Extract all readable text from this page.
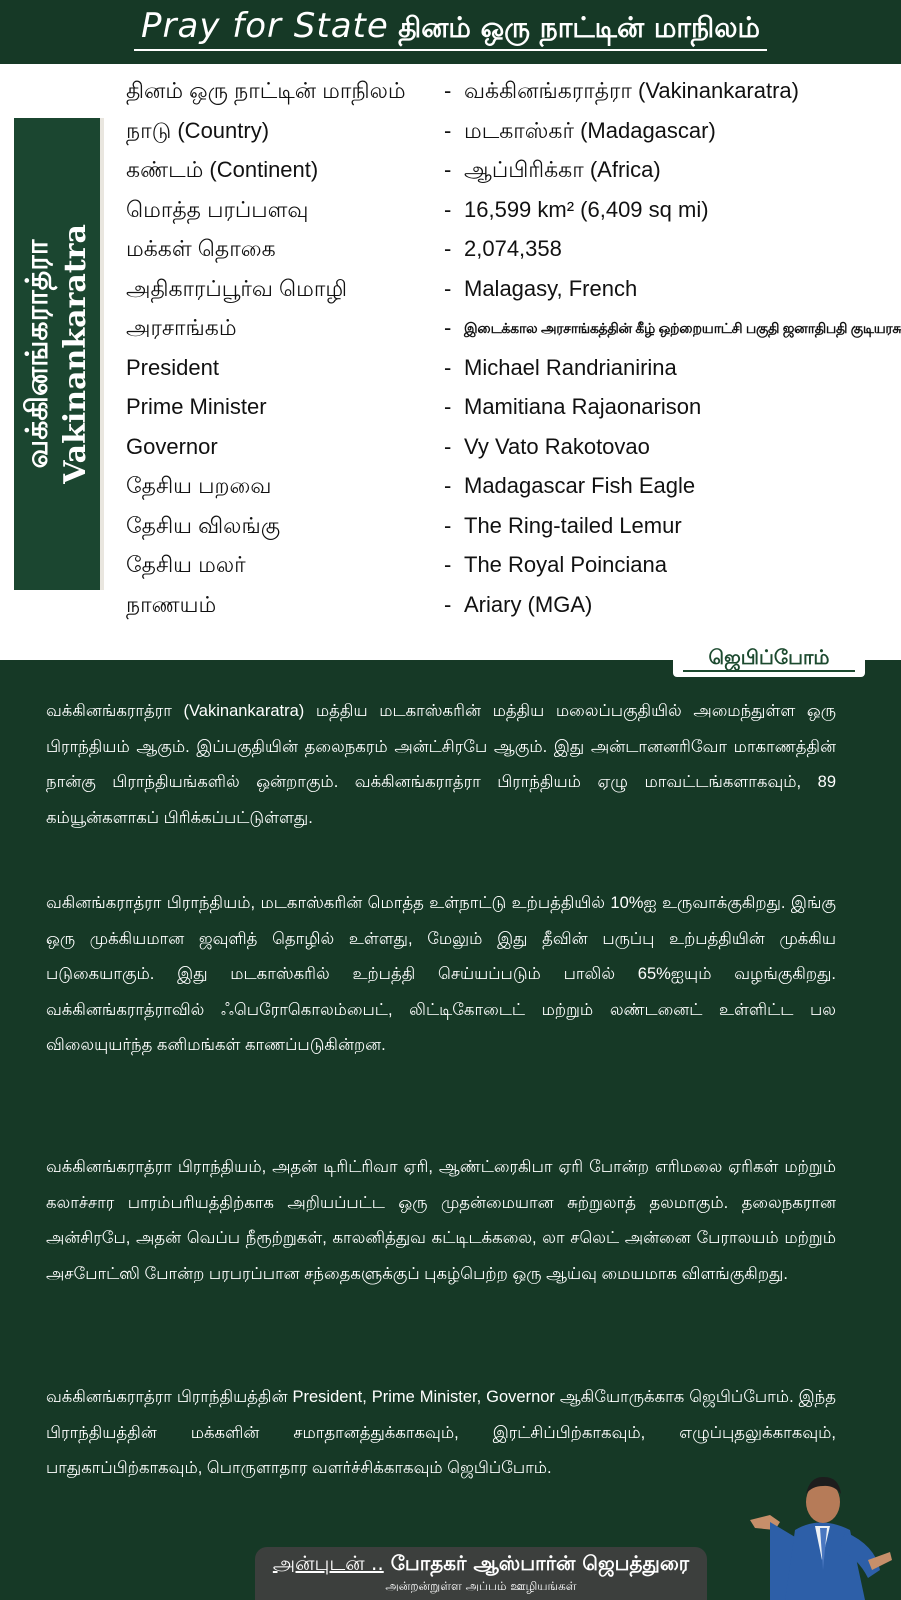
Pray for State தினம் ஒரு நாட்டின் மாநிலம்
வக்கினங்கராத்ரா Vakinankaratra
தினம் ஒரு நாட்டின் மாநிலம் - வக்கினங்கராத்ரா (Vakinankaratra)
நாடு (Country)	- மடகாஸ்கர் (Madagascar)
கண்டம் (Continent)	- ஆப்பிரிக்கா (Africa)
மொத்த பரப்பளவு	- 16,599 km² (6,409 sq mi)
மக்கள் தொகை	- 2,074,358
அதிகாரப்பூர்வ மொழி	- Malagasy, French
அரசாங்கம்	- இடைக்கால அரசாங்கத்தின் கீழ் ஒற்றையாட்சி பகுதி ஜனாதிபதி குடியரசு
President	- Michael Randrianirina
Prime Minister	- Mamitiana Rajaonarison
Governor	- Vy Vato Rakotovao
தேசிய பறவை	- Madagascar Fish Eagle
தேசிய விலங்கு	- The Ring-tailed Lemur
தேசிய மலர்	- The Royal Poinciana
நாணயம்	- Ariary (MGA)
ஜெபிப்போம்

வக்கினங்கராத்ரா (Vakinankaratra) மத்திய மடகாஸ்கரின் மத்திய மலைப்பகுதியில் அமைந்துள்ள ஒரு பிராந்தியம் ஆகும். இப்பகுதியின் தலைநகரம் அன்ட்சிரபே ஆகும். இது அன்டானனரிவோ மாகாணத்தின் நான்கு பிராந்தியங்களில் ஒன்றாகும். வக்கினங்கராத்ரா பிராந்தியம் ஏழு மாவட்டங்களாகவும், 89 கம்யூன்களாகப் பிரிக்கப்பட்டுள்ளது.

வகினங்கராத்ரா பிராந்தியம், மடகாஸ்கரின் மொத்த உள்நாட்டு உற்பத்தியில் 10%ஐ உருவாக்குகிறது. இங்கு ஒரு முக்கியமான ஜவுளித் தொழில் உள்ளது, மேலும் இது தீவின் பருப்பு உற்பத்தியின் முக்கிய படுகையாகும். இது மடகாஸ்கரில் உற்பத்தி செய்யப்படும் பாலில் 65%ஐயும் வழங்குகிறது. வக்கினங்கராத்ராவில் ஃபெரோகொலம்பைட், லிட்டிகோடைட் மற்றும் லண்டனைட் உள்ளிட்ட பல விலையுயர்ந்த கனிமங்கள் காணப்படுகின்றன.

வக்கினங்கராத்ரா பிராந்தியம், அதன் டிரிட்ரிவா ஏரி, ஆண்ட்ரைகிபா ஏரி போன்ற எரிமலை ஏரிகள் மற்றும் கலாச்சார பாரம்பரியத்திற்காக அறியப்பட்ட ஒரு முதன்மையான சுற்றுலாத் தலமாகும். தலைநகரான அன்சிரபே, அதன் வெப்ப நீரூற்றுகள், காலனித்துவ கட்டிடக்கலை, லா சலெட் அன்னை பேராலயம் மற்றும் அசபோட்ஸி போன்ற பரபரப்பான சந்தைகளுக்குப் புகழ்பெற்ற ஒரு ஆய்வு மையமாக விளங்குகிறது.

வக்கினங்கராத்ரா பிராந்தியத்தின் President, Prime Minister, Governor ஆகியோருக்காக ஜெபிப்போம். இந்த பிராந்தியத்தின் மக்களின் சமாதானத்துக்காகவும், இரட்சிப்பிற்காகவும், எழுப்புதலுக்காகவும், பாதுகாப்பிற்காகவும், பொருளாதார வளர்ச்சிக்காகவும் ஜெபிப்போம்.

அன்புடன் .. போதகர் ஆஸ்பார்ன் ஜெபத்துரை
அன்றன்றுள்ள அப்பம் ஊழியங்கள்
